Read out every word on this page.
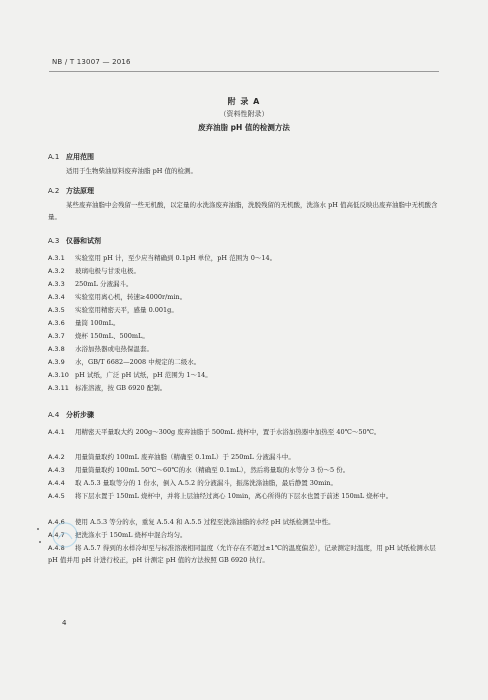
NB / T 13007 — 2016
附 录 A
（资料性附录）
废弃油脂 pH 值的检测方法
A.1 应用范围
适用于生物柴油原料废弃油脂 pH 值的检测。
A.2 方法原理
某些废弃油脂中会残留一些无机酸，以定量的水洗涤废弃油脂，洗脱残留的无机酸，洗涤水 pH 值高低反映出废弃油脂中无机酸含量。
A.3 仪器和试剂
A.3.1 实验室用 pH 计，至少应当精确到 0.1pH 单位，pH 范围为 0～14。
A.3.2 玻璃电极与甘汞电极。
A.3.3 250mL 分液漏斗。
A.3.4 实验室用离心机，转速≥4000r/min。
A.3.5 实验室用精密天平，感量 0.001g。
A.3.6 量筒 100mL。
A.3.7 烧杯 150mL、500mL。
A.3.8 水浴加热器或电热保温套。
A.3.9 水，GB/T 6682—2008 中规定的二级水。
A.3.10 pH 试纸，广泛 pH 试纸，pH 范围为 1～14。
A.3.11 标准溶液，按 GB 6920 配制。
A.4 分析步骤
A.4.1 用精密天平量取大约 200g～300g 废弃油脂于 500mL 烧杯中，置于水浴加热器中加热至 40℃～50℃。
A.4.2 用量筒量取约 100mL 废弃油脂（精确至 0.1mL）于 250mL 分液漏斗中。
A.4.3 用量筒量取约 100mL 50℃～60℃的水（精确至 0.1mL），然后将量取的水等分 3 份～5 份。
A.4.4 取 A.5.3 量取等分的 1 份水，倒入 A.5.2 的分液漏斗，振荡洗涤油脂，最后静置 30min。
A.4.5 将下层水置于 150mL 烧杯中，并将上层油经过离心 10min，离心所得的下层水也置于前述 150mL 烧杯中。
A.4.6 使用 A.5.3 等分的水，重复 A.5.4 和 A.5.5 过程至洗涤油脂的水经 pH 试纸检测呈中性。
A.4.7 把洗涤水于 150mL 烧杯中混合均匀。
A.4.8 将 A.5.7 得到的水样冷却至与标准溶液相同温度（允许存在不超过±1℃的温度偏差），记录测定时温度，用 pH 试纸检测水层 pH 值并用 pH 计进行校正，pH 计测定 pH 值的方法按照 GB 6920 执行。
4
